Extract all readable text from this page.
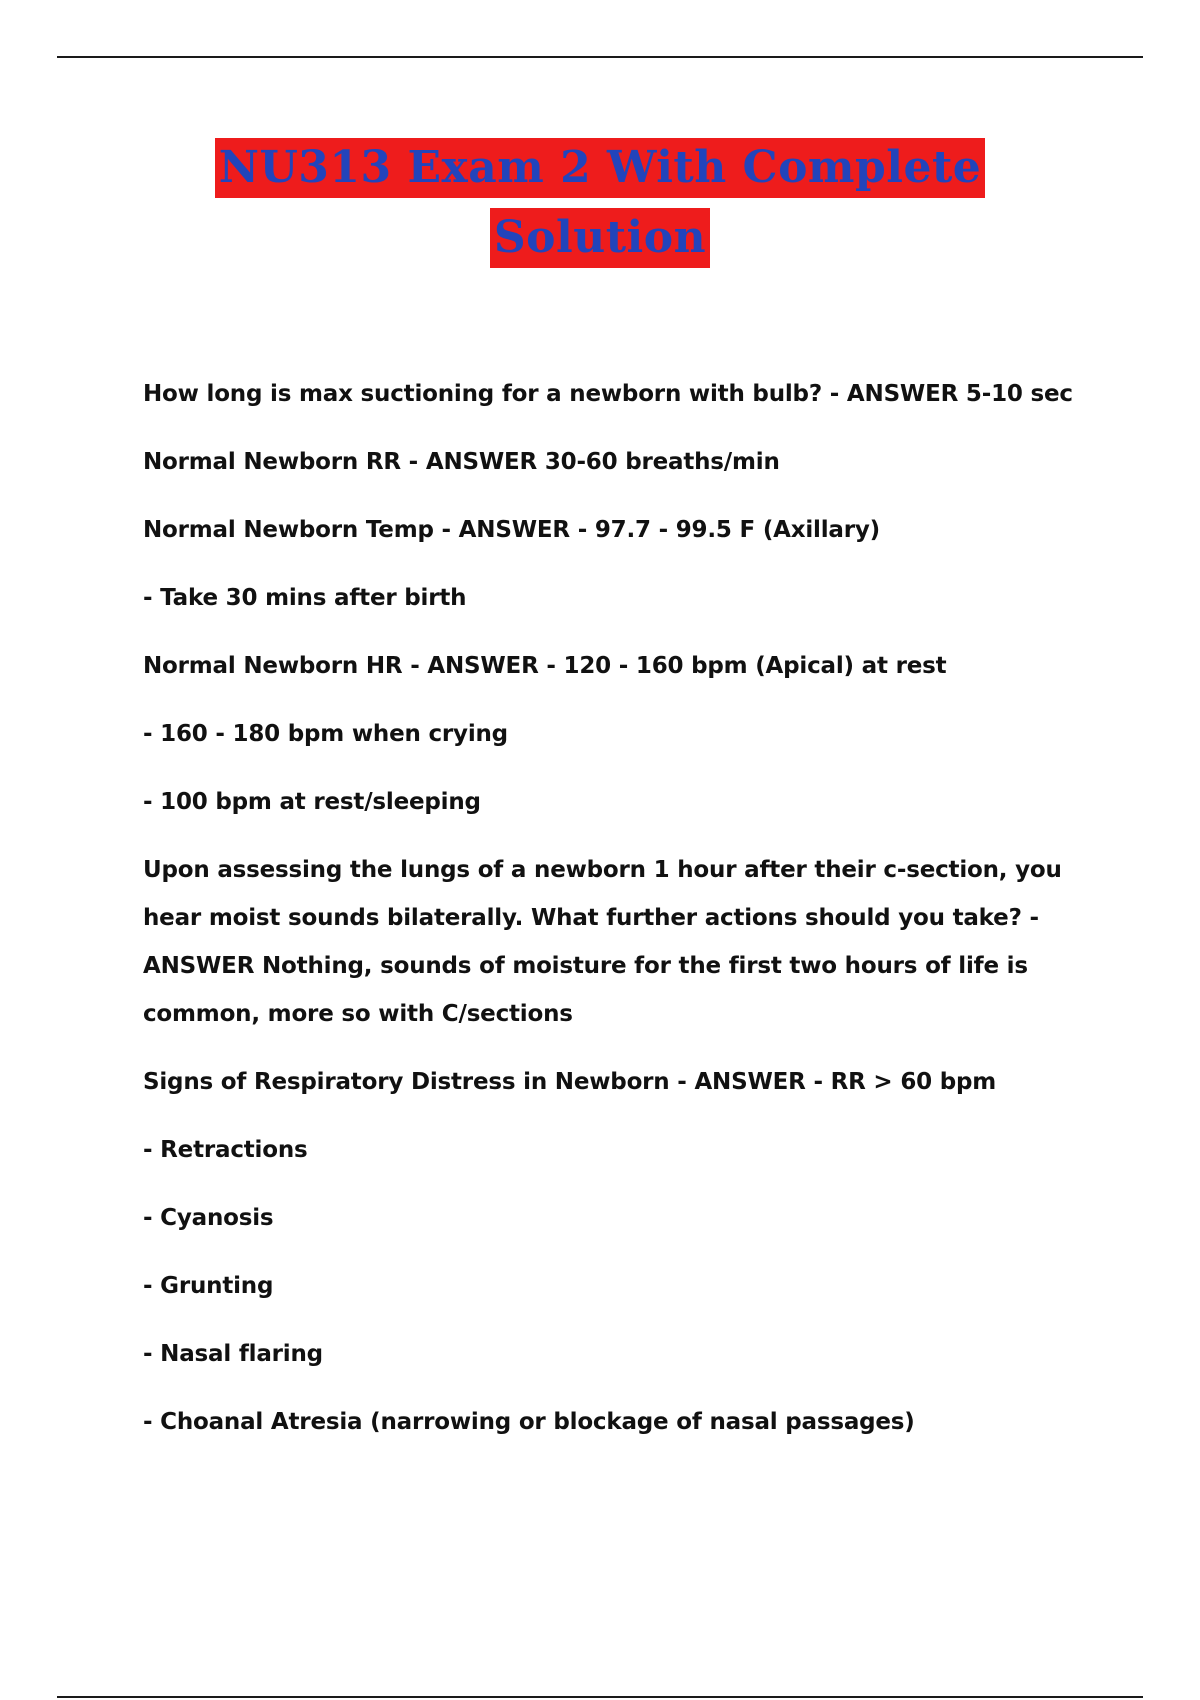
NU313 Exam 2 With Complete
Solution

How long is max suctioning for a newborn with bulb? - ANSWER 5-10 sec

Normal Newborn RR - ANSWER 30-60 breaths/min

Normal Newborn Temp - ANSWER - 97.7 - 99.5 F (Axillary)

- Take 30 mins after birth

Normal Newborn HR - ANSWER - 120 - 160 bpm (Apical) at rest

- 160 - 180 bpm when crying

- 100 bpm at rest/sleeping

Upon assessing the lungs of a newborn 1 hour after their c-section, you hear moist sounds bilaterally. What further actions should you take? - ANSWER Nothing, sounds of moisture for the first two hours of life is common, more so with C/sections

Signs of Respiratory Distress in Newborn - ANSWER - RR > 60 bpm

- Retractions

- Cyanosis

- Grunting

- Nasal flaring

- Choanal Atresia (narrowing or blockage of nasal passages)
